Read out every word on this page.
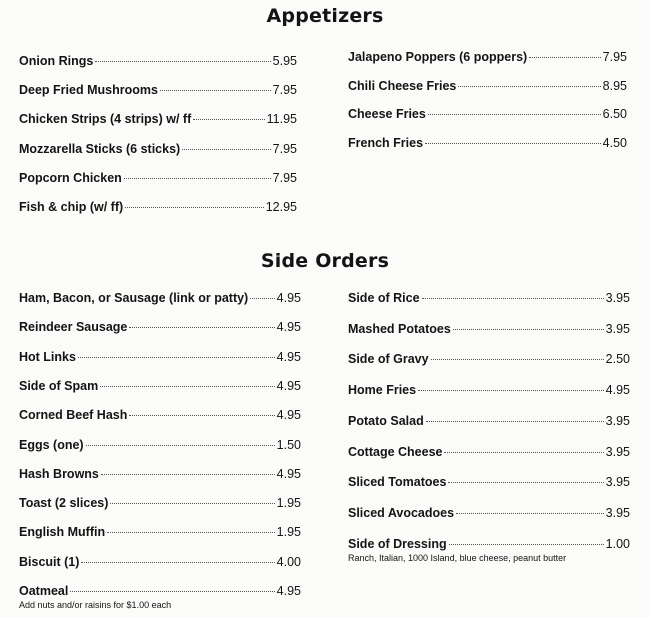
Appetizers
Onion Rings	5.95
Deep Fried Mushrooms	7.95
Chicken Strips (4 strips) w/ ff	11.95
Mozzarella Sticks (6 sticks)	7.95
Popcorn Chicken	7.95
Fish & chip (w/ ff)	12.95
Jalapeno Poppers (6 poppers)	7.95
Chili Cheese Fries	8.95
Cheese Fries	6.50
French Fries	4.50
Side Orders
Ham, Bacon, or Sausage (link or patty) 4.95
Reindeer Sausage	4.95
Hot Links	4.95
Side of Spam	4.95
Corned Beef Hash	4.95
Eggs (one)	1.50
Hash Browns	4.95
Toast (2 slices)	1.95
English Muffin	1.95
Biscuit (1)	4.00
Oatmeal	4.95
Add nuts and/or raisins for $1.00 each
Side of Rice	3.95
Mashed Potatoes	3.95
Side of Gravy	2.50
Home Fries	4.95
Potato Salad	3.95
Cottage Cheese	3.95
Sliced Tomatoes	3.95
Sliced Avocadoes	3.95
Side of Dressing	1.00
Ranch, Italian, 1000 Island, blue cheese, peanut butter
